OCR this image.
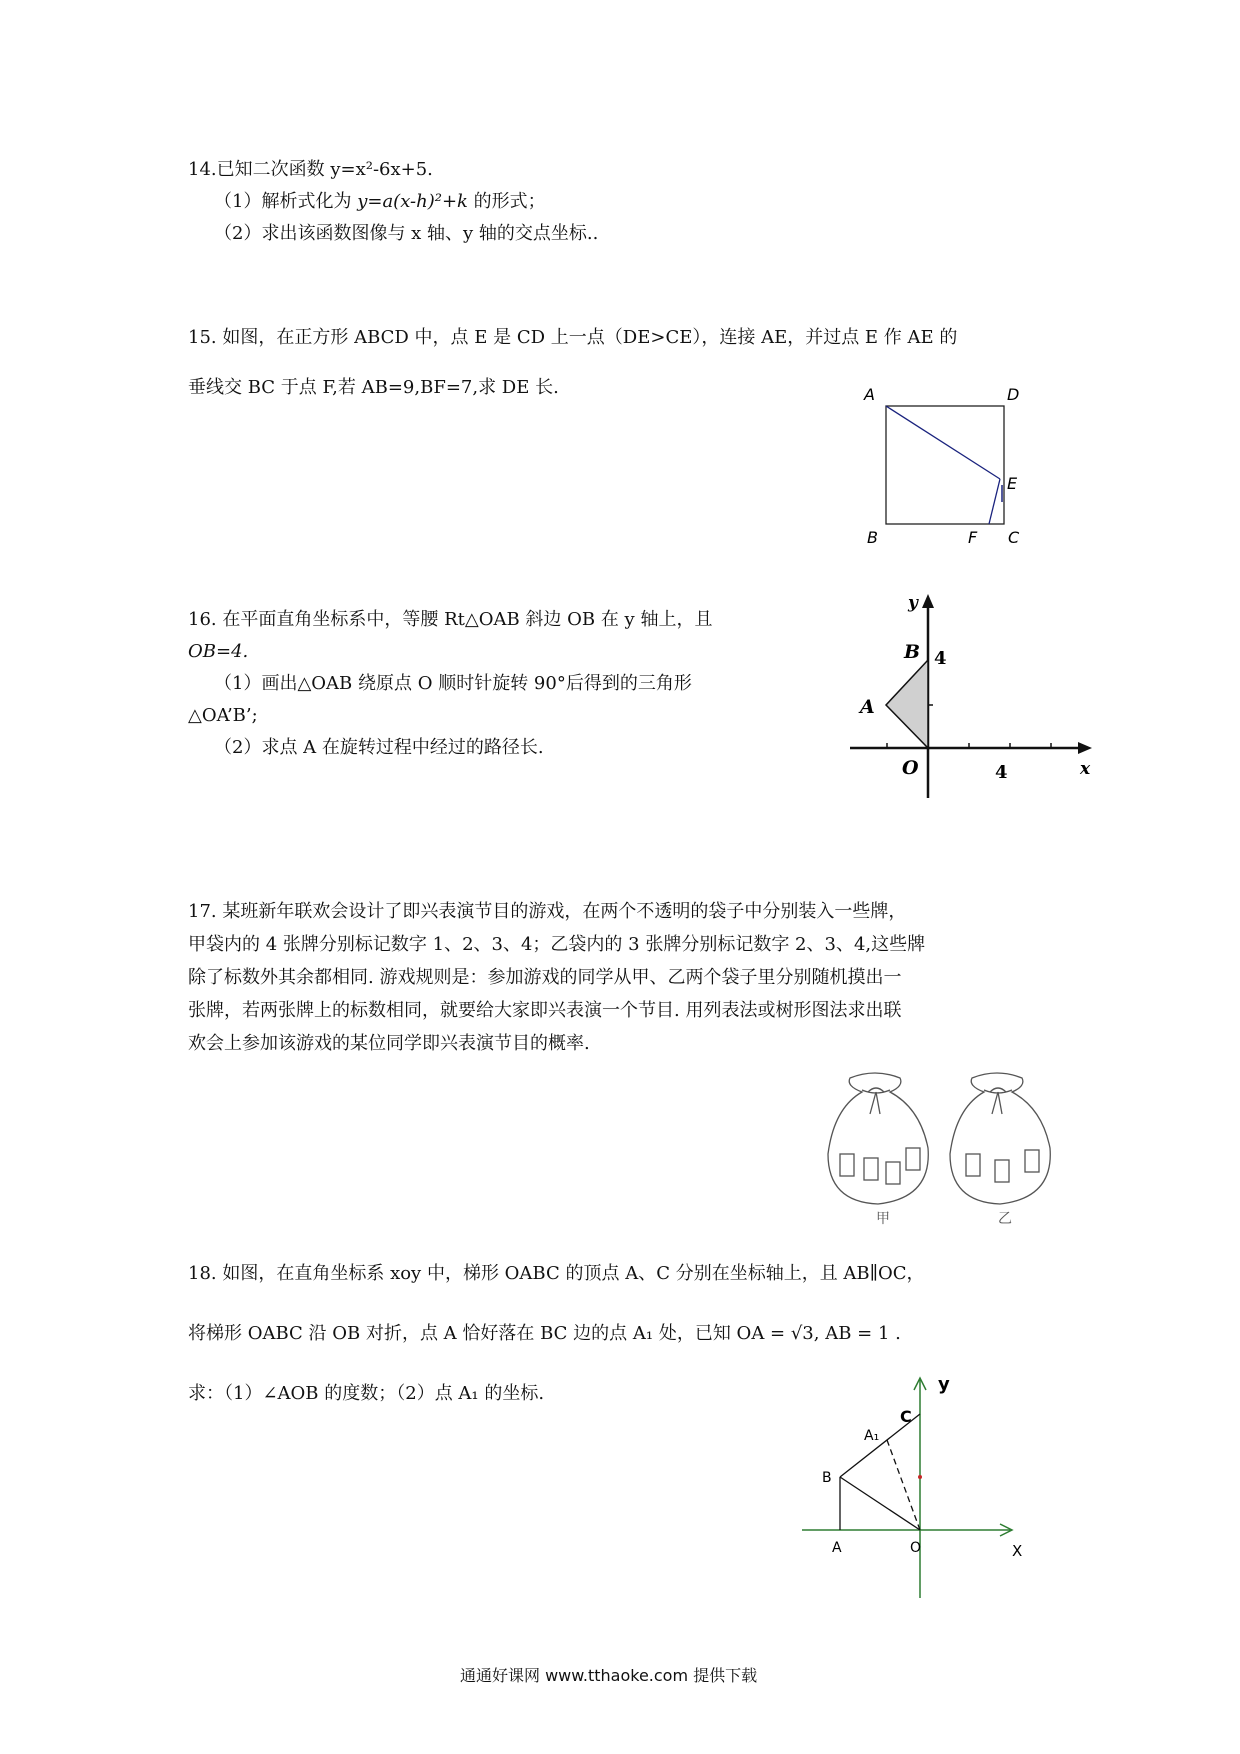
14.已知二次函数 y=x²-6x+5.
（1）解析式化为 y=a(x-h)²+k 的形式；
（2）求出该函数图像与 x 轴、y 轴的交点坐标..
15. 如图，在正方形 ABCD 中，点 E 是 CD 上一点（DE>CE），连接 AE，并过点 E 作 AE 的
垂线交 BC 于点 F,若 AB=9,BF=7,求 DE 长.	A	D
E
B	F C
16. 在平面直角坐标系中，等腰 Rt△OAB 斜边 OB 在 y 轴上，且
OB=4.
（1）画出△OAB 绕原点 O 顺时针旋转 90°后得到的三角形
△OA’B’;
（2）求点 A 在旋转过程中经过的路径长.
y
x
O
A
B 4
4
17. 某班新年联欢会设计了即兴表演节目的游戏，在两个不透明的袋子中分别装入一些牌，
甲袋内的 4 张牌分别标记数字 1、2、3、4；乙袋内的 3 张牌分别标记数字 2、3、4,这些牌
除了标数外其余都相同. 游戏规则是：参加游戏的同学从甲、乙两个袋子里分别随机摸出一
张牌，若两张牌上的标数相同，就要给大家即兴表演一个节目. 用列表法或树形图法求出联
欢会上参加该游戏的某位同学即兴表演节目的概率.
甲	乙
18. 如图，在直角坐标系 xoy 中，梯形 OABC 的顶点 A、C 分别在坐标轴上，且 AB∥OC，
将梯形 OABC 沿 OB 对折，点 A 恰好落在 BC 边的点 A₁ 处，已知 OA = √3, AB = 1 .
求：（1）∠AOB 的度数；（2）点 A₁ 的坐标.	y
X
O
A
B
C
A₁
通通好课网 www.tthaoke.com 提供下载
